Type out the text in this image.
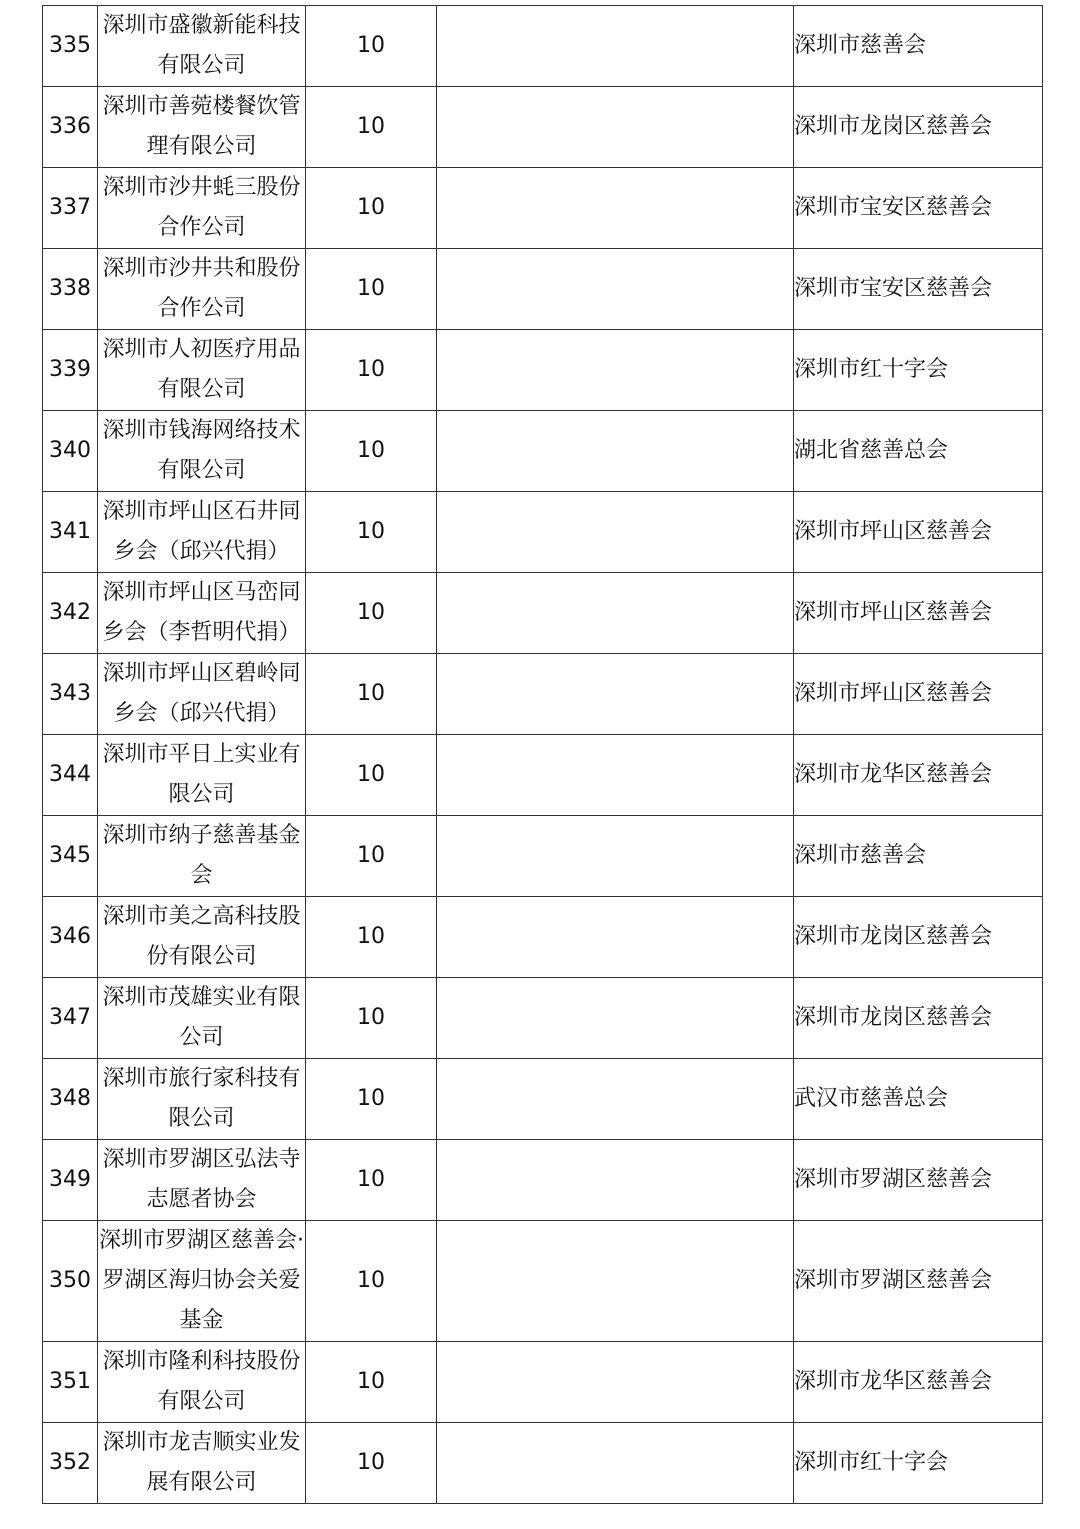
335	深圳市盛徽新能科技有限公司	10		深圳市慈善会
336	深圳市善菀楼餐饮管理有限公司	10		深圳市龙岗区慈善会
337	深圳市沙井蚝三股份合作公司	10		深圳市宝安区慈善会
338	深圳市沙井共和股份合作公司	10		深圳市宝安区慈善会
339	深圳市人初医疗用品有限公司	10		深圳市红十字会
340	深圳市钱海网络技术有限公司	10		湖北省慈善总会
341	深圳市坪山区石井同乡会（邱兴代捐）	10		深圳市坪山区慈善会
342	深圳市坪山区马峦同乡会（李哲明代捐）	10		深圳市坪山区慈善会
343	深圳市坪山区碧岭同乡会（邱兴代捐）	10		深圳市坪山区慈善会
344	深圳市平日上实业有限公司	10		深圳市龙华区慈善会
345	深圳市纳子慈善基金会	10		深圳市慈善会
346	深圳市美之高科技股份有限公司	10		深圳市龙岗区慈善会
347	深圳市茂雄实业有限公司	10		深圳市龙岗区慈善会
348	深圳市旅行家科技有限公司	10		武汉市慈善总会
349	深圳市罗湖区弘法寺志愿者协会	10		深圳市罗湖区慈善会
350	深圳市罗湖区慈善会·罗湖区海归协会关爱基金	10		深圳市罗湖区慈善会
351	深圳市隆利科技股份有限公司	10		深圳市龙华区慈善会
352	深圳市龙吉顺实业发展有限公司	10		深圳市红十字会
